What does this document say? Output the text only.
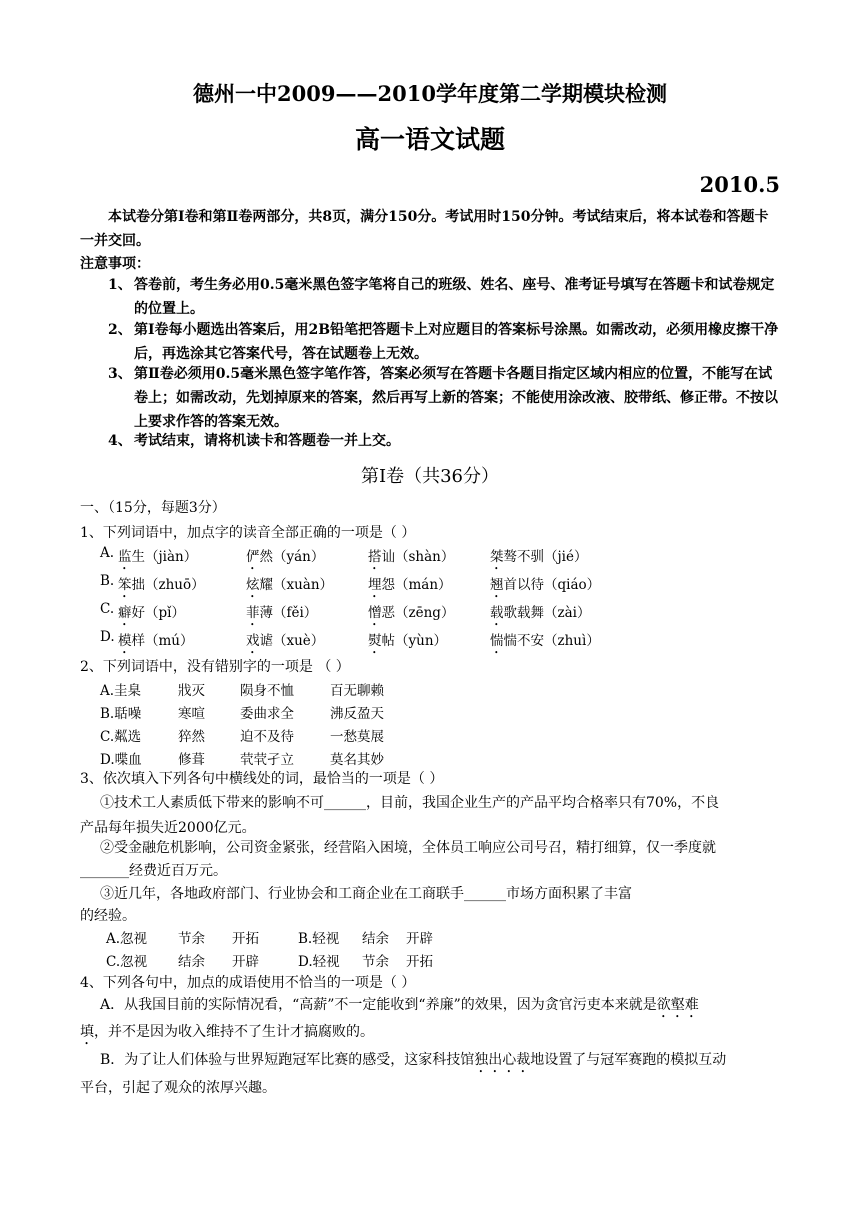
德州一中2009——2010学年度第二学期模块检测
高一语文试题
2010.5
本试卷分第Ⅰ卷和第Ⅱ卷两部分，共8页，满分150分。考试用时150分钟。考试结束后，将本试卷和答题卡一并交回。
注意事项：
1、 答卷前，考生务必用0.5毫米黑色签字笔将自己的班级、姓名、座号、准考证号填写在答题卡和试卷规定的位置上。
2、 第Ⅰ卷每小题选出答案后，用2B铅笔把答题卡上对应题目的答案标号涂黑。如需改动，必须用橡皮擦干净后，再选涂其它答案代号，答在试题卷上无效。
3、 第Ⅱ卷必须用0.5毫米黑色签字笔作答，答案必须写在答题卡各题目指定区域内相应的位置，不能写在试卷上；如需改动，先划掉原来的答案，然后再写上新的答案；不能使用涂改液、胶带纸、修正带。不按以上要求作答的答案无效。
4、 考试结束，请将机读卡和答题卷一并上交。
第Ⅰ卷（共36分）
一、（15分，每题3分）
1、下列词语中，加点字的读音全部正确的一项是（ ）
A. 监生（jiàn）	俨然（yán）	搭讪（shàn）	桀骜不驯（jié）
B. 笨拙（zhuō）	炫耀（xuàn）	埋怨（mán）	翘首以待（qiáo）
C. 癖好（pǐ）	菲薄（fěi）	憎恶（zēng）	载歌载舞（zài）
D. 模样（mú）	戏谑（xuè）	熨帖（yùn）	惴惴不安（zhuì）
2、下列词语中，没有错别字的一项是 （ ）
A.圭臬	戕灭	陨身不恤	百无聊赖
B.聒噪	寒喧	委曲求全	沸反盈天
C.粼选	猝然	迫不及待	一愁莫展
D.喋血	修葺	茕茕孑立	莫名其妙
3、依次填入下列各句中横线处的词，最恰当的一项是（ ）
①技术工人素质低下带来的影响不可______，目前，我国企业生产的产品平均合格率只有70%，不良
产品每年损失近2000亿元。
②受金融危机影响，公司资金紧张，经营陷入困境，全体员工响应公司号召，精打细算，仅一季度就
_______经费近百万元。
③近几年，各地政府部门、行业协会和工商企业在工商联手______市场方面积累了丰富
的经验。
A.忽视 节余 开拓	B.轻视 结余 开辟
C.忽视 结余 开辟	D.轻视 节余 开拓
4、下列各句中，加点的成语使用不恰当的一项是（ ）
A．从我国目前的实际情况看，“高薪”不一定能收到“养廉”的效果，因为贪官污吏本来就是欲壑难
填，并不是因为收入维持不了生计才搞腐败的。
B．为了让人们体验与世界短跑冠军比赛的感受，这家科技馆独出心裁地设置了与冠军赛跑的模拟互动
平台，引起了观众的浓厚兴趣。
